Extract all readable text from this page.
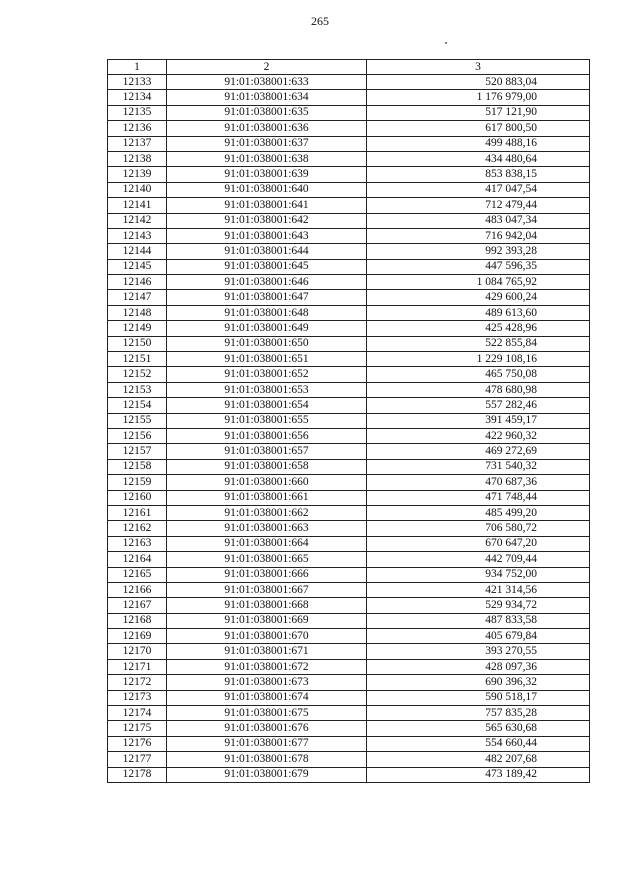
265
1	2	3
12133	91:01:038001:633	520 883,04
12134	91:01:038001:634	1 176 979,00
12135	91:01:038001:635	517 121,90
12136	91:01:038001:636	617 800,50
12137	91:01:038001:637	499 488,16
12138	91:01:038001:638	434 480,64
12139	91:01:038001:639	853 838,15
12140	91:01:038001:640	417 047,54
12141	91:01:038001:641	712 479,44
12142	91:01:038001:642	483 047,34
12143	91:01:038001:643	716 942,04
12144	91:01:038001:644	992 393,28
12145	91:01:038001:645	447 596,35
12146	91:01:038001:646	1 084 765,92
12147	91:01:038001:647	429 600,24
12148	91:01:038001:648	489 613,60
12149	91:01:038001:649	425 428,96
12150	91:01:038001:650	522 855,84
12151	91:01:038001:651	1 229 108,16
12152	91:01:038001:652	465 750,08
12153	91:01:038001:653	478 680,98
12154	91:01:038001:654	557 282,46
12155	91:01:038001:655	391 459,17
12156	91:01:038001:656	422 960,32
12157	91:01:038001:657	469 272,69
12158	91:01:038001:658	731 540,32
12159	91:01:038001:660	470 687,36
12160	91:01:038001:661	471 748,44
12161	91:01:038001:662	485 499,20
12162	91:01:038001:663	706 580,72
12163	91:01:038001:664	670 647,20
12164	91:01:038001:665	442 709,44
12165	91:01:038001:666	934 752,00
12166	91:01:038001:667	421 314,56
12167	91:01:038001:668	529 934,72
12168	91:01:038001:669	487 833,58
12169	91:01:038001:670	405 679,84
12170	91:01:038001:671	393 270,55
12171	91:01:038001:672	428 097,36
12172	91:01:038001:673	690 396,32
12173	91:01:038001:674	590 518,17
12174	91:01:038001:675	757 835,28
12175	91:01:038001:676	565 630,68
12176	91:01:038001:677	554 660,44
12177	91:01:038001:678	482 207,68
12178	91:01:038001:679	473 189,42
